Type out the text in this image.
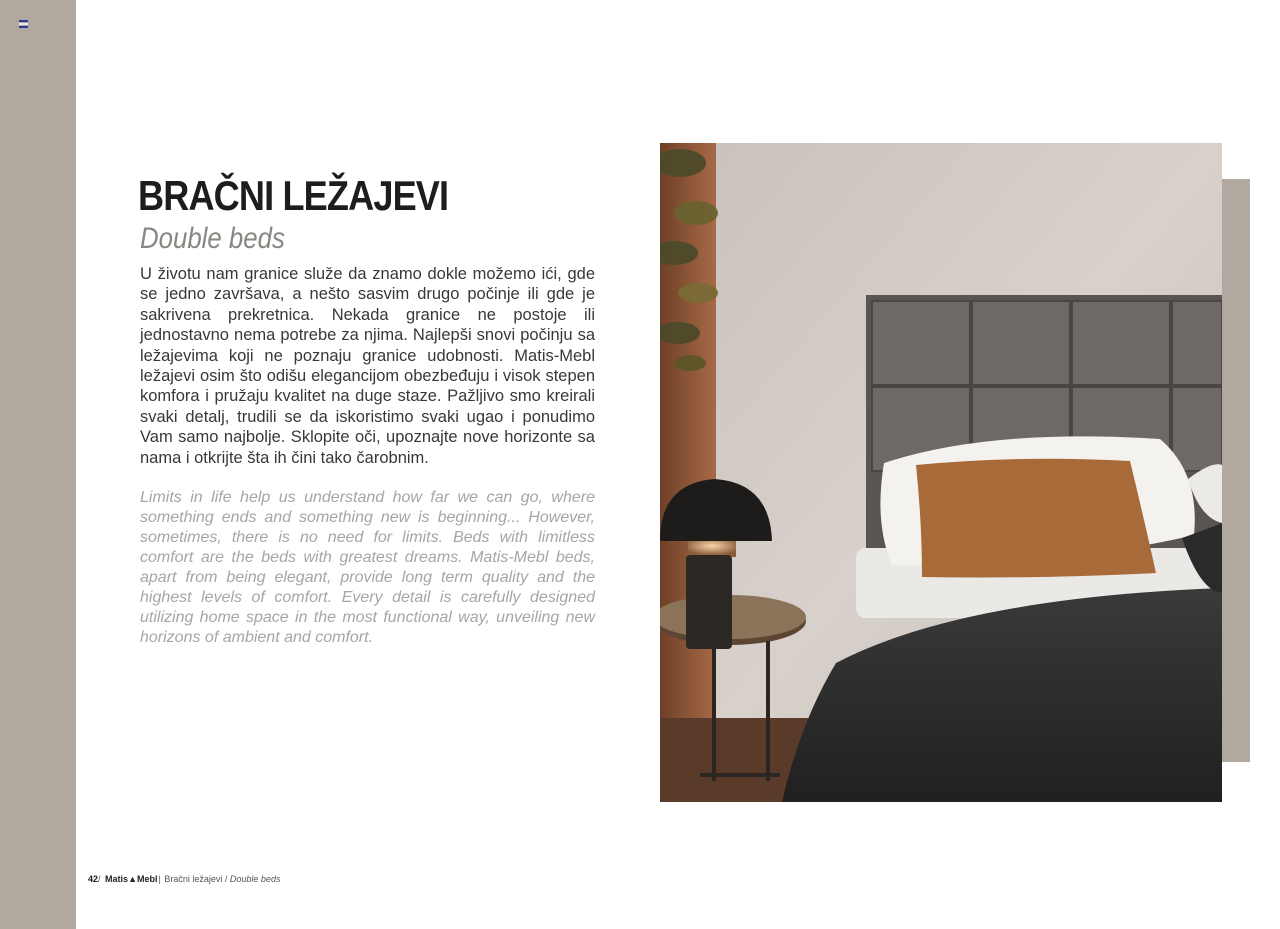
BRAČNI LEŽAJEVI
Double beds

U životu nam granice služe da znamo dokle možemo ići, gde se jedno završava, a nešto sasvim drugo počinje ili gde je sakrivena prekretnica. Nekada granice ne postoje ili jednostavno nema potrebe za njima. Najlepši snovi počinju sa ležajevima koji ne poznaju granice udobnosti. Matis-Mebl ležajevi osim što odišu elegancijom obezbeđuju i visok stepen komfora i pružaju kvalitet na duge staze. Pažljivo smo kreirali svaki detalj, trudili se da iskoristimo svaki ugao i ponudimo Vam samo najbolje. Sklopite oči, upoznajte nove horizonte sa nama i otkrijte šta ih čini tako čarobnim.

Limits in life help us understand how far we can go, where something ends and something new is beginning... However, sometimes, there is no need for limits. Beds with limitless comfort are the beds with greatest dreams. Matis-Mebl beds, apart from being elegant, provide long term quality and the highest levels of comfort. Every detail is carefully designed utilizing home space in the most functional way, unveiling new horizons of ambient and comfort.

42/ Matis▲Mebl| Bračni ležajevi / Double beds
